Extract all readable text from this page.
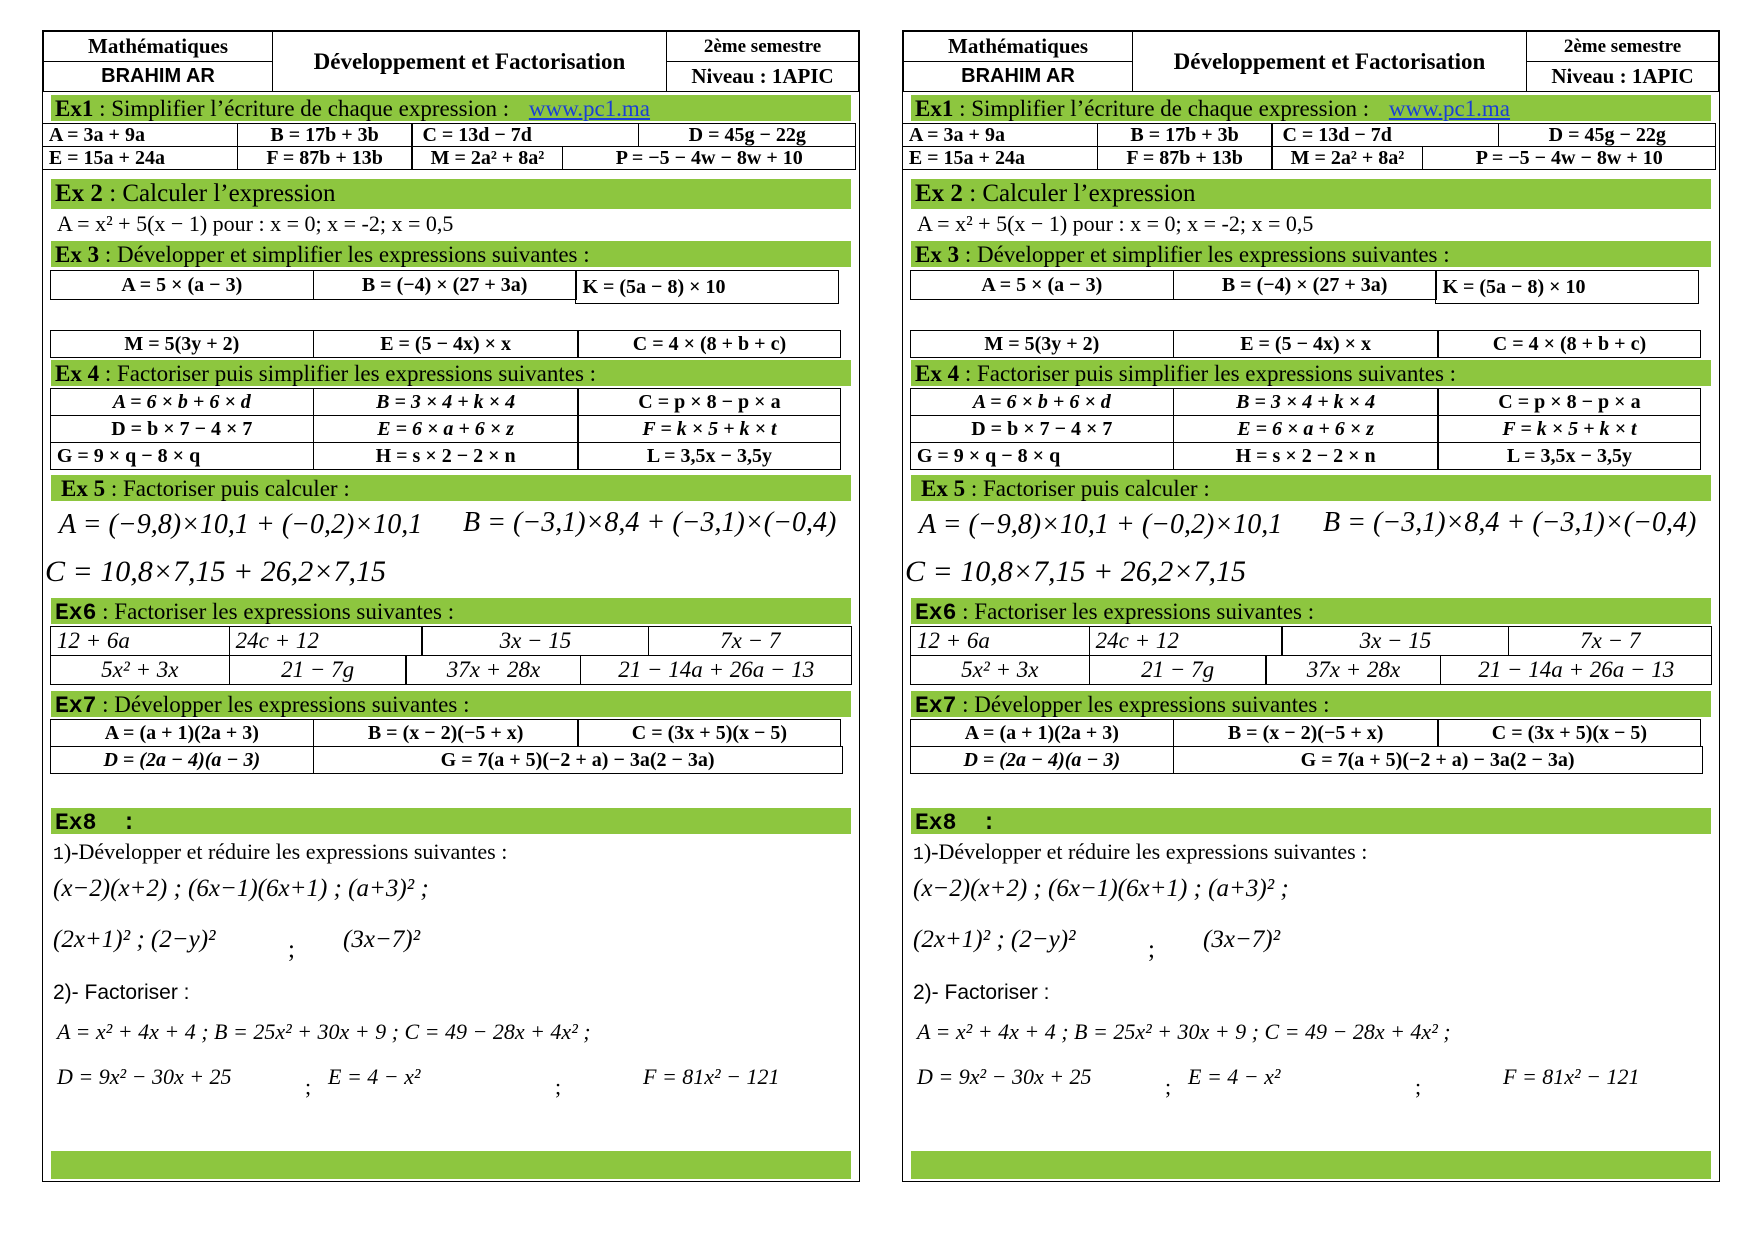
Mathématiques
BRAHIM AR
Développement et Factorisation
2ème semestre
Niveau : 1APIC
Ex1 : Simplifier l’écriture de chaque expression : www.pc1.ma
A = 3a + 9a	B = 17b + 3b	C = 13d − 7d	D = 45g − 22g
E = 15a + 24a	F = 87b + 13b	M = 2a² + 8a²	P = −5 − 4w − 8w + 10
Ex 2 : Calculer l’expression
A = x² + 5(x − 1) pour : x = 0; x = -2; x = 0,5
Ex 3 : Développer et simplifier les expressions suivantes :
A = 5 × (a − 3)	B = (−4) × (27 + 3a)	K = (5a − 8) × 10
M = 5(3y + 2)	E = (5 − 4x) × x	C = 4 × (8 + b + c)
Ex 4 : Factoriser puis simplifier les expressions suivantes :
A = 6 × b + 6 × d	B = 3 × 4 + k × 4	C = p × 8 − p × a
D = b × 7 − 4 × 7	E = 6 × a + 6 × z	F = k × 5 + k × t
G = 9 × q − 8 × q	H = s × 2 − 2 × n	L = 3,5x − 3,5y
Ex 5 : Factoriser puis calculer :
A = (−9,8)×10,1 + (−0,2)×10,1 B = (−3,1)×8,4 + (−3,1)×(−0,4)
C = 10,8×7,15 + 26,2×7,15
Ex6 : Factoriser les expressions suivantes :
12 + 6a	24c + 12	3x − 15	7x − 7
5x² + 3x	21 − 7g	37x + 28x	21 − 14a + 26a − 13
Ex7 : Développer les expressions suivantes :
A = (a + 1)(2a + 3)	B = (x − 2)(−5 + x)	C = (3x + 5)(x − 5)
D = (2a − 4)(a − 3)	G = 7(a + 5)(−2 + a) − 3a(2 − 3a)
Ex8 :
1)-Développer et réduire les expressions suivantes :
(x−2)(x+2) ; (6x−1)(6x+1) ; (a+3)² ;
(2x+1)² ; (2−y)²	; (3x−7)²
2)- Factoriser :
A = x² + 4x + 4 ; B = 25x² + 30x + 9 ; C = 49 − 28x + 4x² ;
D = 9x² − 30x + 25	; E = 4 − x²	;	F = 81x² − 121
Mathématiques
BRAHIM AR
Développement et Factorisation
2ème semestre
Niveau : 1APIC
Ex1 : Simplifier l’écriture de chaque expression : www.pc1.ma
A = 3a + 9a	B = 17b + 3b	C = 13d − 7d	D = 45g − 22g
E = 15a + 24a	F = 87b + 13b	M = 2a² + 8a²	P = −5 − 4w − 8w + 10
Ex 2 : Calculer l’expression
A = x² + 5(x − 1) pour : x = 0; x = -2; x = 0,5
Ex 3 : Développer et simplifier les expressions suivantes :
A = 5 × (a − 3)	B = (−4) × (27 + 3a)	K = (5a − 8) × 10
M = 5(3y + 2)	E = (5 − 4x) × x	C = 4 × (8 + b + c)
Ex 4 : Factoriser puis simplifier les expressions suivantes :
A = 6 × b + 6 × d	B = 3 × 4 + k × 4	C = p × 8 − p × a
D = b × 7 − 4 × 7	E = 6 × a + 6 × z	F = k × 5 + k × t
G = 9 × q − 8 × q	H = s × 2 − 2 × n	L = 3,5x − 3,5y
Ex 5 : Factoriser puis calculer :
A = (−9,8)×10,1 + (−0,2)×10,1 B = (−3,1)×8,4 + (−3,1)×(−0,4)
C = 10,8×7,15 + 26,2×7,15
Ex6 : Factoriser les expressions suivantes :
12 + 6a	24c + 12	3x − 15	7x − 7
5x² + 3x	21 − 7g	37x + 28x	21 − 14a + 26a − 13
Ex7 : Développer les expressions suivantes :
A = (a + 1)(2a + 3)	B = (x − 2)(−5 + x)	C = (3x + 5)(x − 5)
D = (2a − 4)(a − 3)	G = 7(a + 5)(−2 + a) − 3a(2 − 3a)
Ex8 :
1)-Développer et réduire les expressions suivantes :
(x−2)(x+2) ; (6x−1)(6x+1) ; (a+3)² ;
(2x+1)² ; (2−y)²	; (3x−7)²
2)- Factoriser :
A = x² + 4x + 4 ; B = 25x² + 30x + 9 ; C = 49 − 28x + 4x² ;
D = 9x² − 30x + 25	; E = 4 − x²	;	F = 81x² − 121
